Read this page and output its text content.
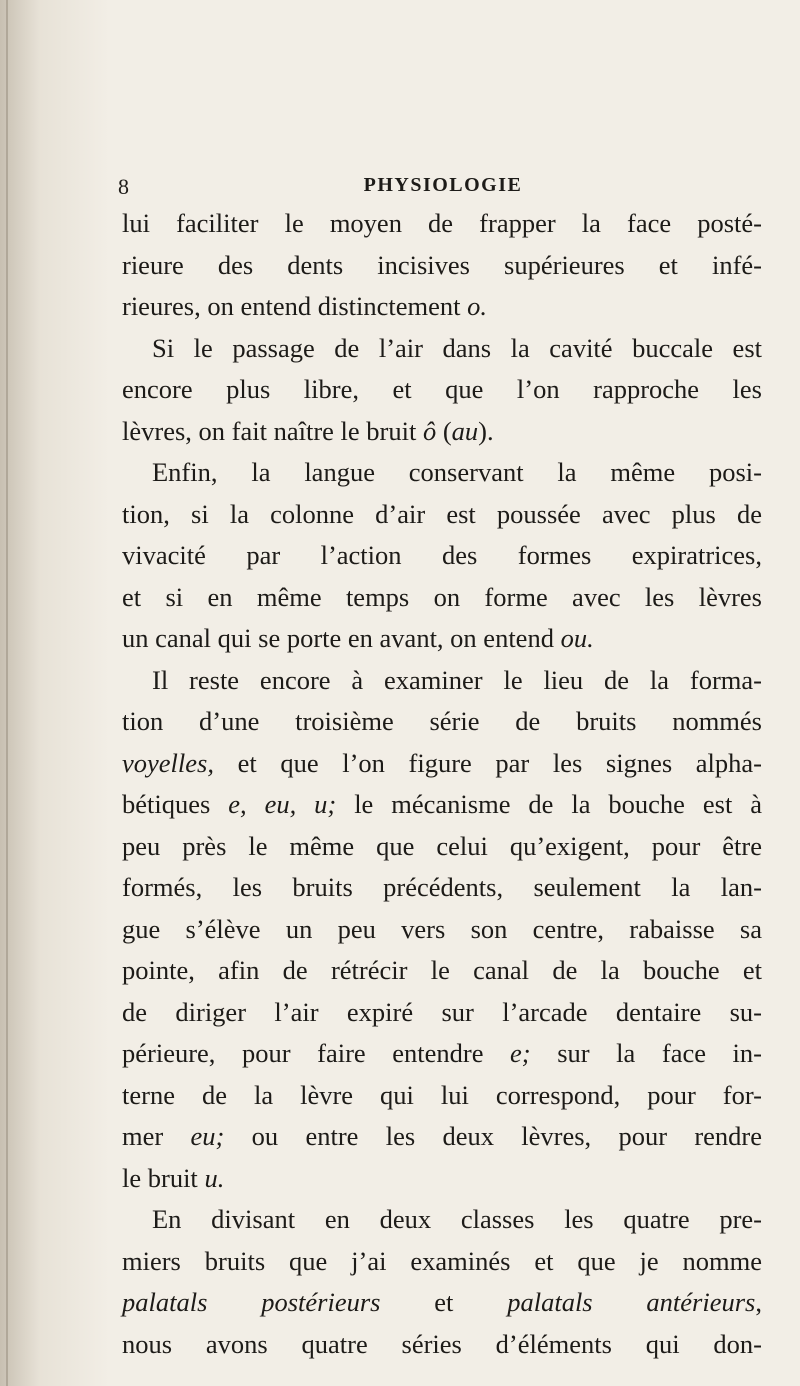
8	PHYSIOLOGIE
lui faciliter le moyen de frapper la face posté-
rieure des dents incisives supérieures et infé-
rieures, on entend distinctement o.
Si le passage de l’air dans la cavité buccale est
encore plus libre, et que l’on rapproche les
lèvres, on fait naître le bruit ô (au).
Enfin, la langue conservant la même posi-
tion, si la colonne d’air est poussée avec plus de
vivacité par l’action des formes expiratrices,
et si en même temps on forme avec les lèvres
un canal qui se porte en avant, on entend ou.
Il reste encore à examiner le lieu de la forma-
tion d’une troisième série de bruits nommés
voyelles, et que l’on figure par les signes alpha-
bétiques e, eu, u; le mécanisme de la bouche est à
peu près le même que celui qu’exigent, pour être
formés, les bruits précédents, seulement la lan-
gue s’élève un peu vers son centre, rabaisse sa
pointe, afin de rétrécir le canal de la bouche et
de diriger l’air expiré sur l’arcade dentaire su-
périeure, pour faire entendre e; sur la face in-
terne de la lèvre qui lui correspond, pour for-
mer eu; ou entre les deux lèvres, pour rendre
le bruit u.
En divisant en deux classes les quatre pre-
miers bruits que j’ai examinés et que je nomme
palatals postérieurs et palatals antérieurs,
nous avons quatre séries d’éléments qui don-
